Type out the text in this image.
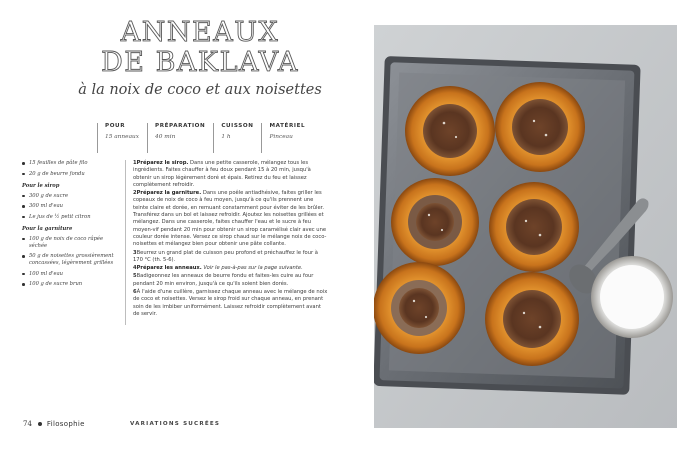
ANNEAUX
DE BAKLAVA
à la noix de coco et aux noisettes
POUR
15 anneaux
PRÉPARATION
40 min
CUISSON
1 h
MATÉRIEL
Pinceau
15 feuilles de pâte filo
20 g de beurre fondu
Pour le sirop
300 g de sucre
300 ml d'eau
Le jus de ½ petit citron
Pour la garniture
100 g de noix de coco râpée séchée
50 g de noisettes grossièrement concassées, légèrement grillées
100 ml d'eau
100 g de sucre brun
1Préparez le sirop. Dans une petite casserole, mélangez tous les ingrédients. Faites chauffer à feu doux pendant 15 à 20 min, jusqu'à obtenir un sirop légèrement doré et épais. Retirez du feu et laissez complètement refroidir.
2Préparez la garniture. Dans une poêle antiadhésive, faites griller les copeaux de noix de coco à feu moyen, jusqu'à ce qu'ils prennent une teinte claire et dorée, en remuant constamment pour éviter de les brûler. Transférez dans un bol et laissez refroidir. Ajoutez les noisettes grillées et mélangez. Dans une casserole, faites chauffer l'eau et le sucre à feu moyen-vif pendant 20 min pour obtenir un sirop caramélisé clair avec une couleur dorée intense. Versez ce sirop chaud sur le mélange noix de coco-noisettes et mélangez bien pour obtenir une pâte collante.
3Beurrez un grand plat de cuisson peu profond et préchauffez le four à 170 °C (th. 5-6).
4Préparez les anneaux. Voir le pas-à-pas sur la page suivante.
5Badigeonnez les anneaux de beurre fondu et faites-les cuire au four pendant 20 min environ, jusqu'à ce qu'ils soient bien dorés.
6À l'aide d'une cuillère, garnissez chaque anneau avec le mélange de noix de coco et noisettes. Versez le sirop froid sur chaque anneau, en prenant soin de les imbiber uniformément. Laissez refroidir complètement avant de servir.
74 Filosophie	VARIATIONS SUCRÉES
